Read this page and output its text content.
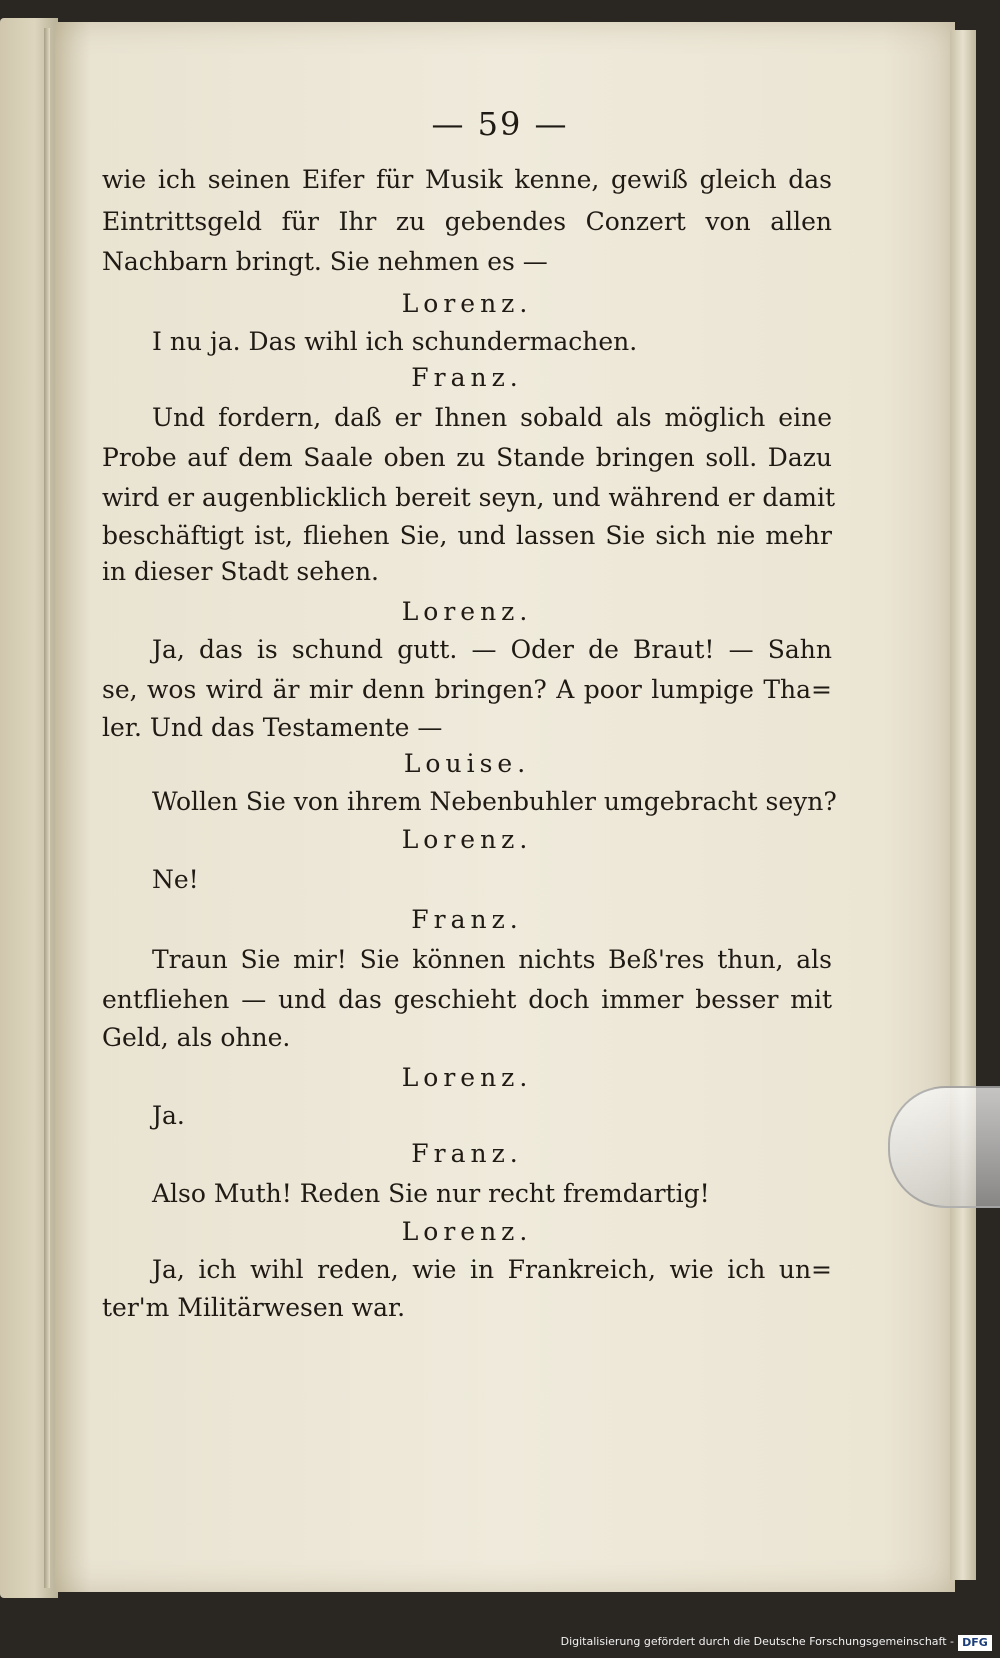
— 59 —
wie ich seinen Eifer für Musik kenne, gewiß gleich das
Eintrittsgeld für Ihr zu gebendes Conzert von allen
Nachbarn bringt. Sie nehmen es —
Lorenz.
I nu ja. Das wihl ich schundermachen.
Franz.
Und fordern, daß er Ihnen sobald als möglich eine
Probe auf dem Saale oben zu Stande bringen soll. Dazu
wird er augenblicklich bereit seyn, und während er damit
beschäftigt ist, fliehen Sie, und lassen Sie sich nie mehr
in dieser Stadt sehen.
Lorenz.
Ja, das is schund gutt. — Oder de Braut! — Sahn
se, wos wird är mir denn bringen? A poor lumpige Tha=
ler. Und das Testamente —
Louise.
Wollen Sie von ihrem Nebenbuhler umgebracht seyn?
Lorenz.
Ne!
Franz.
Traun Sie mir! Sie können nichts Beß'res thun, als
entfliehen — und das geschieht doch immer besser mit
Geld, als ohne.
Lorenz.
Ja.
Franz.
Also Muth! Reden Sie nur recht fremdartig!
Lorenz.
Ja, ich wihl reden, wie in Frankreich, wie ich un=
ter'm Militärwesen war.
Digitalisierung gefördert durch die Deutsche Forschungsgemeinschaft - DFG
